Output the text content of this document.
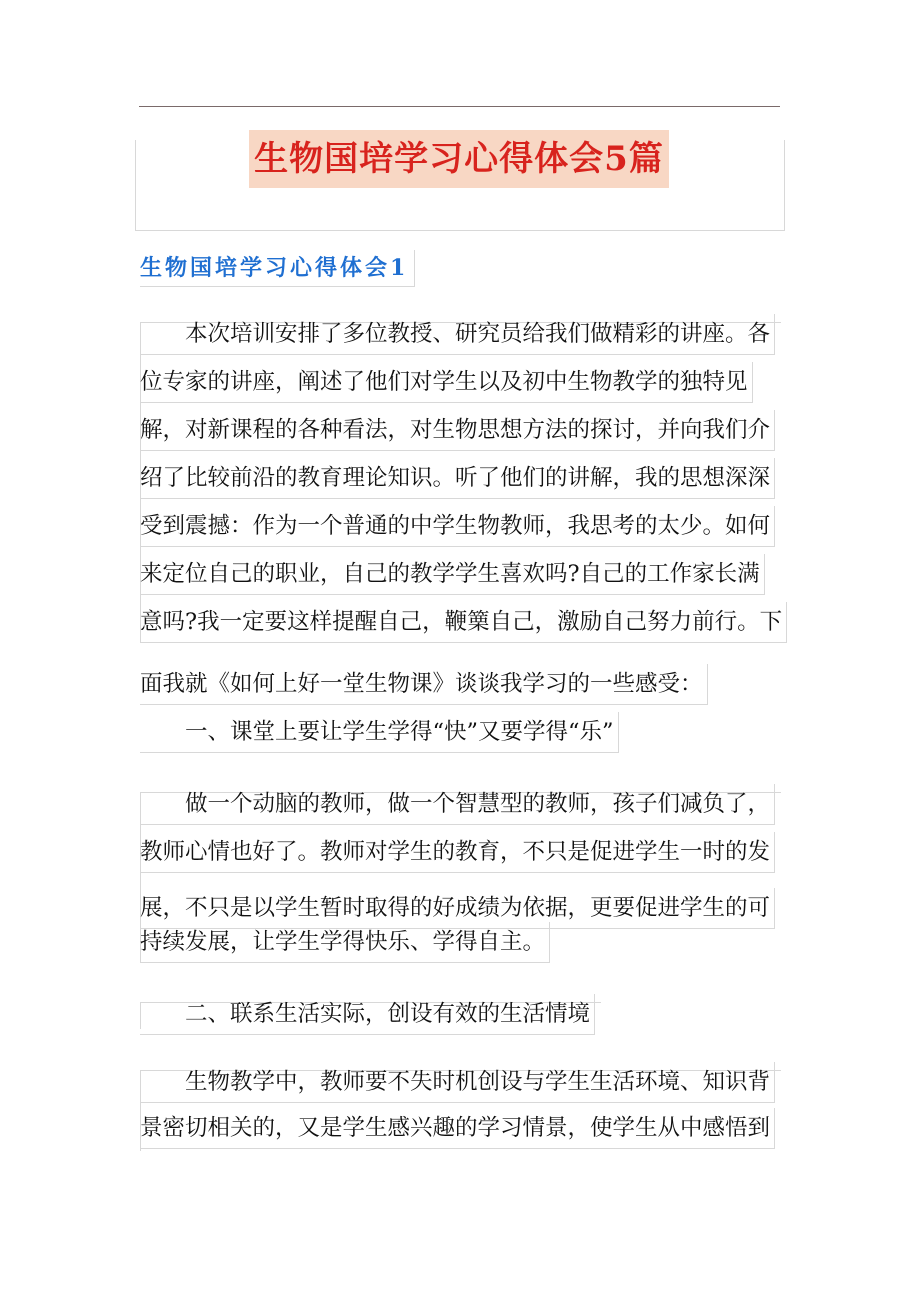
生物国培学习心得体会5篇
生物国培学习心得体会1
本次培训安排了多位教授、研究员给我们做精彩的讲座。各
位专家的讲座，阐述了他们对学生以及初中生物教学的独特见
解，对新课程的各种看法，对生物思想方法的探讨，并向我们介
绍了比较前沿的教育理论知识。听了他们的讲解，我的思想深深
受到震撼：作为一个普通的中学生物教师，我思考的太少。如何
来定位自己的职业，自己的教学学生喜欢吗?自己的工作家长满
意吗?我一定要这样提醒自己，鞭篥自己，激励自己努力前行。下
面我就《如何上好一堂生物课》谈谈我学习的一些感受：
一、课堂上要让学生学得“快”又要学得“乐”
做一个动脑的教师，做一个智慧型的教师，孩子们减负了，
教师心情也好了。教师对学生的教育，不只是促进学生一时的发
展，不只是以学生暂时取得的好成绩为依据，更要促进学生的可
持续发展，让学生学得快乐、学得自主。
二、联系生活实际，创设有效的生活情境
生物教学中，教师要不失时机创设与学生生活环境、知识背
景密切相关的，又是学生感兴趣的学习情景，使学生从中感悟到
